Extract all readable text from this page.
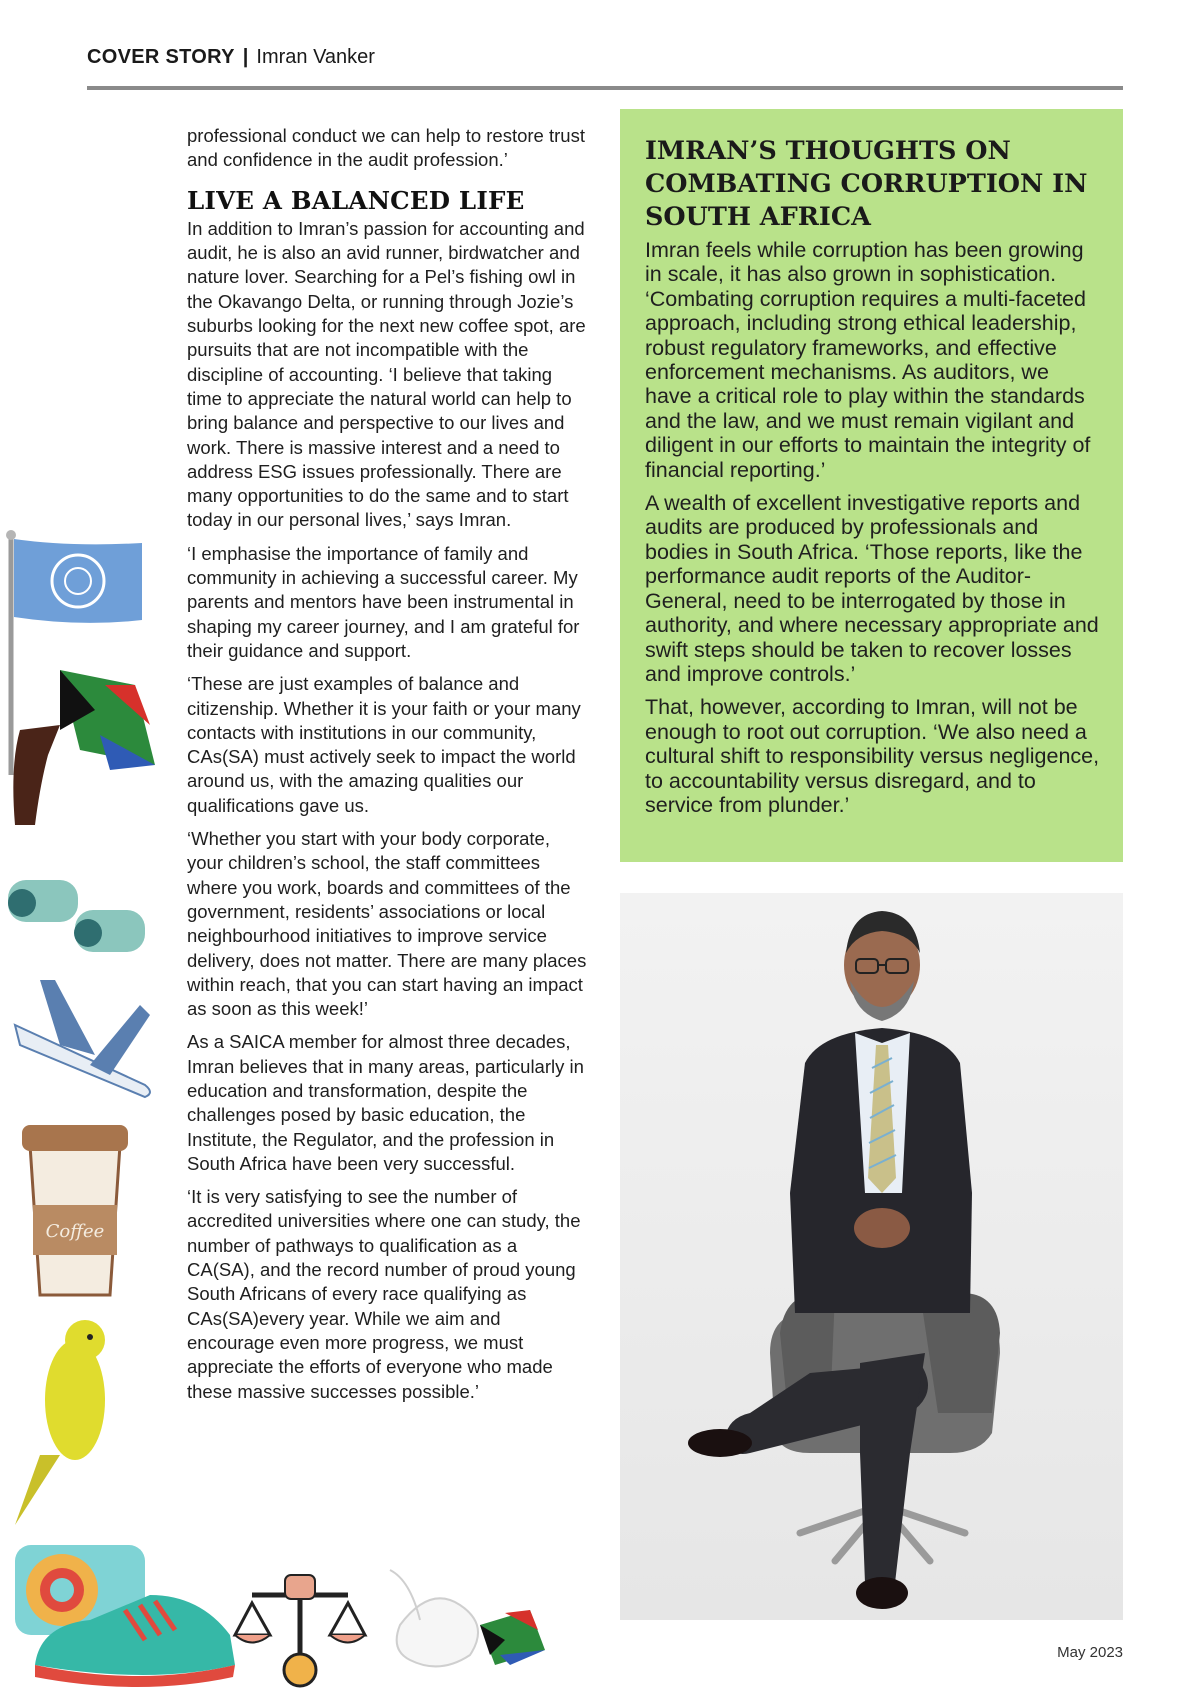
COVER STORY | Imran Vanker

professional conduct we can help to restore trust and confidence in the audit profession.’

LIVE A BALANCED LIFE

In addition to Imran’s passion for accounting and audit, he is also an avid runner, birdwatcher and nature lover. Searching for a Pel’s fishing owl in the Okavango Delta, or running through Jozie’s suburbs looking for the next new coffee spot, are pursuits that are not incompatible with the discipline of accounting. ‘I believe that taking time to appreciate the natural world can help to bring balance and perspective to our lives and work. There is massive interest and a need to address ESG issues professionally. There are many opportunities to do the same and to start today in our personal lives,’ says Imran.

‘I emphasise the importance of family and community in achieving a successful career. My parents and mentors have been instrumental in shaping my career journey, and I am grateful for their guidance and support.

‘These are just examples of balance and citizenship. Whether it is your faith or your many contacts with institutions in our community, CAs(SA) must actively seek to impact the world around us, with the amazing qualities our qualifications gave us.

‘Whether you start with your body corporate, your children’s school, the staff committees where you work, boards and committees of the government, residents’ associations or local neighbourhood initiatives to improve service delivery, does not matter. There are many places within reach, that you can start having an impact as soon as this week!’

As a SAICA member for almost three decades, Imran believes that in many areas, particularly in education and transformation, despite the challenges posed by basic education, the Institute, the Regulator, and the profession in South Africa have been very successful.

‘It is very satisfying to see the number of accredited universities where one can study, the number of pathways to qualification as a CA(SA), and the record number of proud young South Africans of every race qualifying as CAs(SA)every year. While we aim and encourage even more progress, we must appreciate the efforts of everyone who made these massive successes possible.’

IMRAN’S THOUGHTS ON COMBATING CORRUPTION IN SOUTH AFRICA

Imran feels while corruption has been growing in scale, it has also grown in sophistication. ‘Combating corruption requires a multi-faceted approach, including strong ethical leadership, robust regulatory frameworks, and effective enforcement mechanisms. As auditors, we have a critical role to play within the standards and the law, and we must remain vigilant and diligent in our efforts to maintain the integrity of financial reporting.’

A wealth of excellent investigative reports and audits are produced by professionals and bodies in South Africa. ‘Those reports, like the performance audit reports of the Auditor-General, need to be interrogated by those in authority, and where necessary appropriate and swift steps should be taken to recover losses and improve controls.’

That, however, according to Imran, will not be enough to root out corruption. ‘We also need a cultural shift to responsibility versus negligence, to accountability versus disregard, and to service from plunder.’

Coffee
May 2023
